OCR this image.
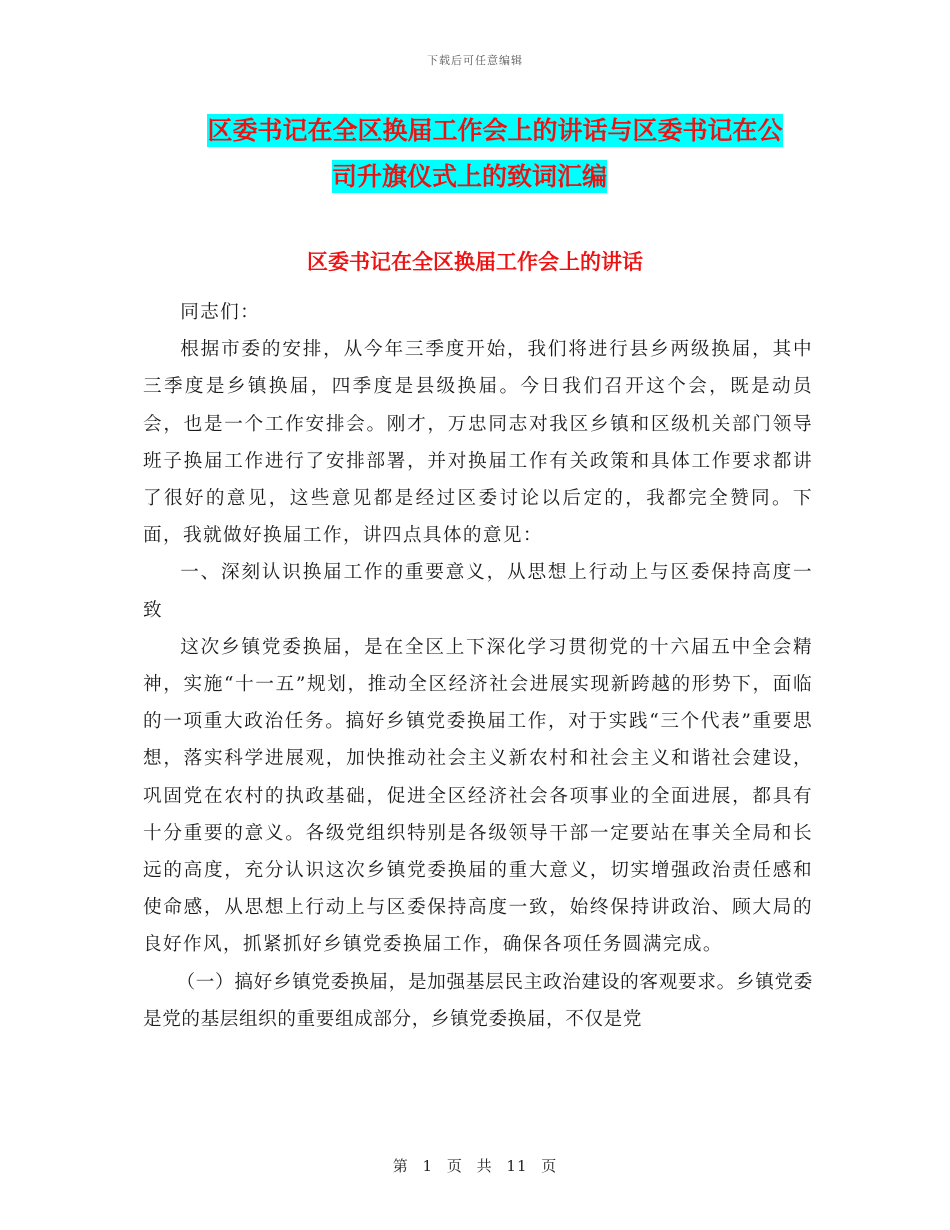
下载后可任意编辑
区委书记在全区换届工作会上的讲话与区委书记在公
司升旗仪式上的致词汇编
区委书记在全区换届工作会上的讲话

同志们：

根据市委的安排，从今年三季度开始，我们将进行县乡两级换届，其中三季度是乡镇换届，四季度是县级换届。今日我们召开这个会，既是动员会，也是一个工作安排会。刚才，万忠同志对我区乡镇和区级机关部门领导班子换届工作进行了安排部署，并对换届工作有关政策和具体工作要求都讲了很好的意见，这些意见都是经过区委讨论以后定的，我都完全赞同。下面，我就做好换届工作，讲四点具体的意见：

一、深刻认识换届工作的重要意义，从思想上行动上与区委保持高度一致

这次乡镇党委换届，是在全区上下深化学习贯彻党的十六届五中全会精神，实施“十一五”规划，推动全区经济社会进展实现新跨越的形势下，面临的一项重大政治任务。搞好乡镇党委换届工作，对于实践“三个代表”重要思想，落实科学进展观，加快推动社会主义新农村和社会主义和谐社会建设，巩固党在农村的执政基础，促进全区经济社会各项事业的全面进展，都具有十分重要的意义。各级党组织特别是各级领导干部一定要站在事关全局和长远的高度，充分认识这次乡镇党委换届的重大意义，切实增强政治责任感和使命感，从思想上行动上与区委保持高度一致，始终保持讲政治、顾大局的良好作风，抓紧抓好乡镇党委换届工作，确保各项任务圆满完成。

（一）搞好乡镇党委换届，是加强基层民主政治建设的客观要求。乡镇党委是党的基层组织的重要组成部分，乡镇党委换届，不仅是党

第 1 页 共 11 页
